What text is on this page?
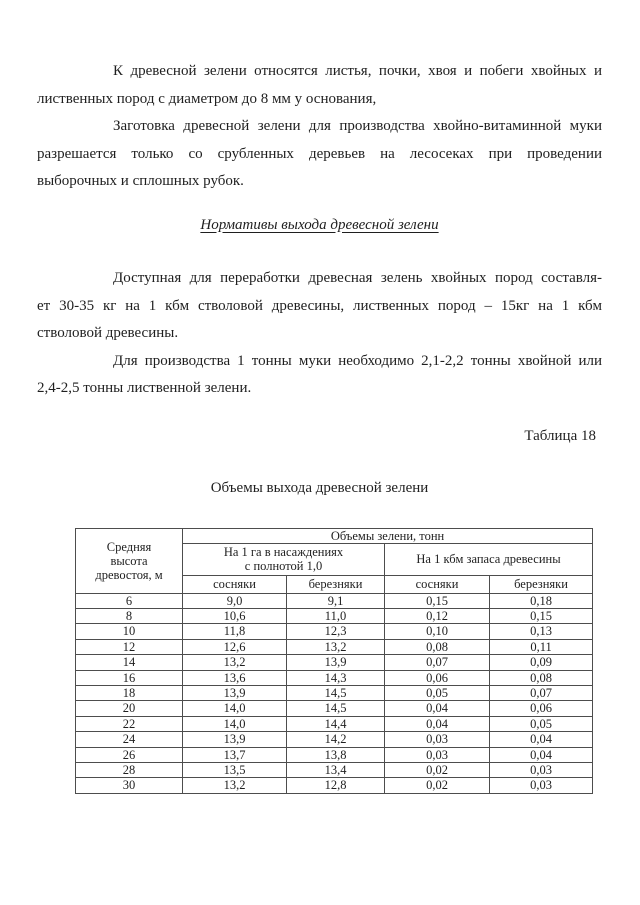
К древесной зелени относятся листья, почки, хвоя и побеги хвойных и
лиственных пород с диаметром до 8 мм у основания,
Заготовка древесной зелени для производства хвойно-витаминной муки
разрешается только со срубленных деревьев на лесосеках при проведении
выборочных и сплошных рубок.
Нормативы выхода древесной зелени
Доступная для переработки древесная зелень хвойных пород составля-
ет 30-35 кг на 1 кбм стволовой древесины, лиственных пород – 15кг на 1 кбм
стволовой древесины.
Для производства 1 тонны муки необходимо 2,1-2,2 тонны хвойной или
2,4-2,5 тонны лиственной зелени.
Таблица 18
Объемы выхода древесной зелени
Средняя
высота
древостоя, м	Объемы зелени, тонн			

	На 1 га в насаждениях
с полнотой 1,0		На 1 кбм запаса древесины	

	сосняки	березняки	сосняки	березняки
6	9,0	9,1	0,15	0,18
8	10,6	11,0	0,12	0,15
10	11,8	12,3	0,10	0,13
12	12,6	13,2	0,08	0,11
14	13,2	13,9	0,07	0,09
16	13,6	14,3	0,06	0,08
18	13,9	14,5	0,05	0,07
20	14,0	14,5	0,04	0,06
22	14,0	14,4	0,04	0,05
24	13,9	14,2	0,03	0,04
26	13,7	13,8	0,03	0,04
28	13,5	13,4	0,02	0,03
30	13,2	12,8	0,02	0,03
